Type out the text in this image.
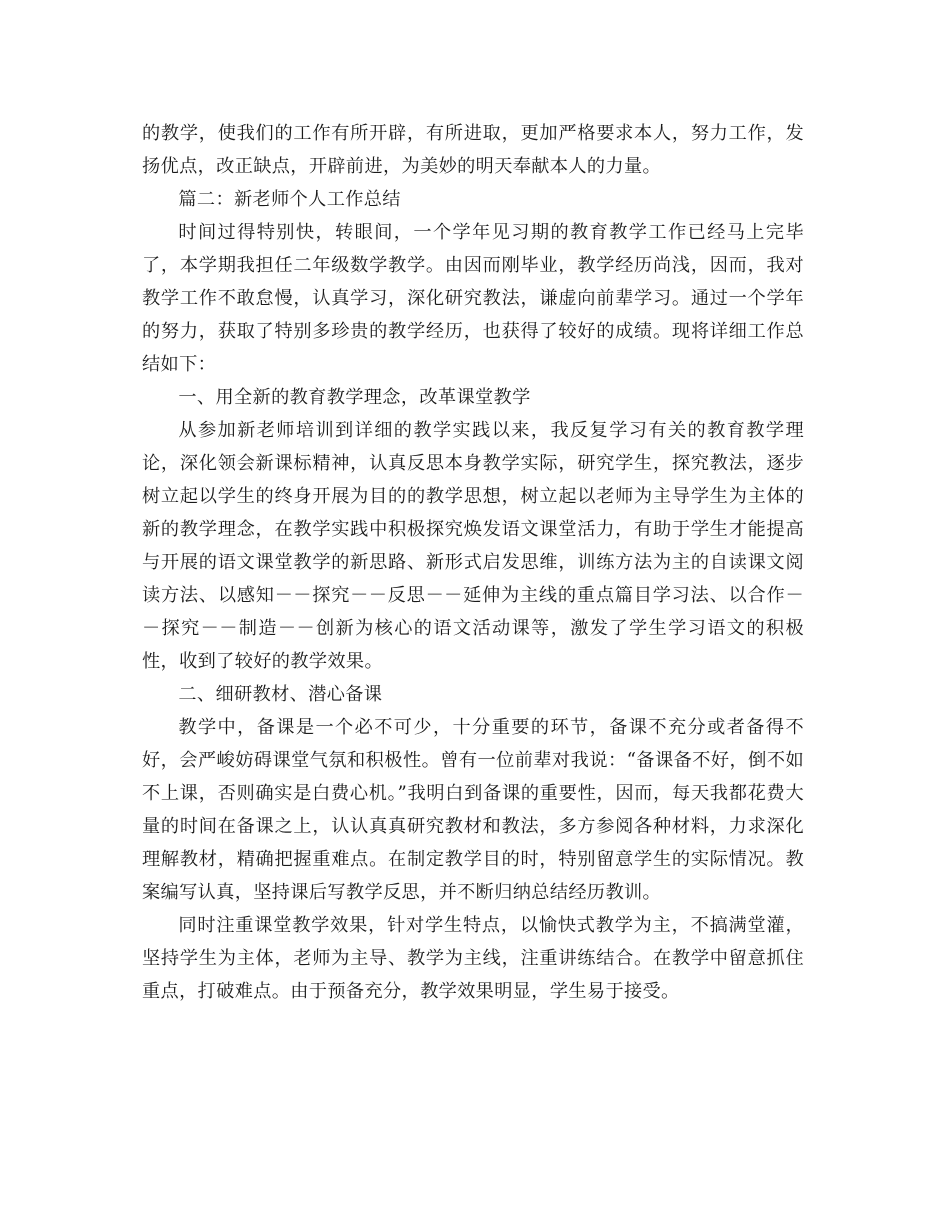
的教学，使我们的工作有所开辟，有所进取，更加严格要求本人，努力工作，发扬优点，改正缺点，开辟前进，为美妙的明天奉献本人的力量。

篇二：新老师个人工作总结

时间过得特别快，转眼间，一个学年见习期的教育教学工作已经马上完毕了，本学期我担任二年级数学教学。由因而刚毕业，教学经历尚浅，因而，我对教学工作不敢怠慢，认真学习，深化研究教法，谦虚向前辈学习。通过一个学年的努力，获取了特别多珍贵的教学经历，也获得了较好的成绩。现将详细工作总结如下：

一、用全新的教育教学理念，改革课堂教学

从参加新老师培训到详细的教学实践以来，我反复学习有关的教育教学理论，深化领会新课标精神，认真反思本身教学实际，研究学生，探究教法，逐步树立起以学生的终身开展为目的的教学思想，树立起以老师为主导学生为主体的新的教学理念，在教学实践中积极探究焕发语文课堂活力，有助于学生才能提高与开展的语文课堂教学的新思路、新形式启发思维，训练方法为主的自读课文阅读方法、以感知－－探究－－反思－－延伸为主线的重点篇目学习法、以合作－－探究－－制造－－创新为核心的语文活动课等，激发了学生学习语文的积极性，收到了较好的教学效果。

二、细研教材、潜心备课

教学中，备课是一个必不可少，十分重要的环节，备课不充分或者备得不好，会严峻妨碍课堂气氛和积极性。曾有一位前辈对我说：“备课备不好，倒不如不上课，否则确实是白费心机。”我明白到备课的重要性，因而，每天我都花费大量的时间在备课之上，认认真真研究教材和教法，多方参阅各种材料，力求深化理解教材，精确把握重难点。在制定教学目的时，特别留意学生的实际情况。教案编写认真，坚持课后写教学反思，并不断归纳总结经历教训。

同时注重课堂教学效果，针对学生特点，以愉快式教学为主，不搞满堂灌，坚持学生为主体，老师为主导、教学为主线，注重讲练结合。在教学中留意抓住重点，打破难点。由于预备充分，教学效果明显，学生易于接受。
